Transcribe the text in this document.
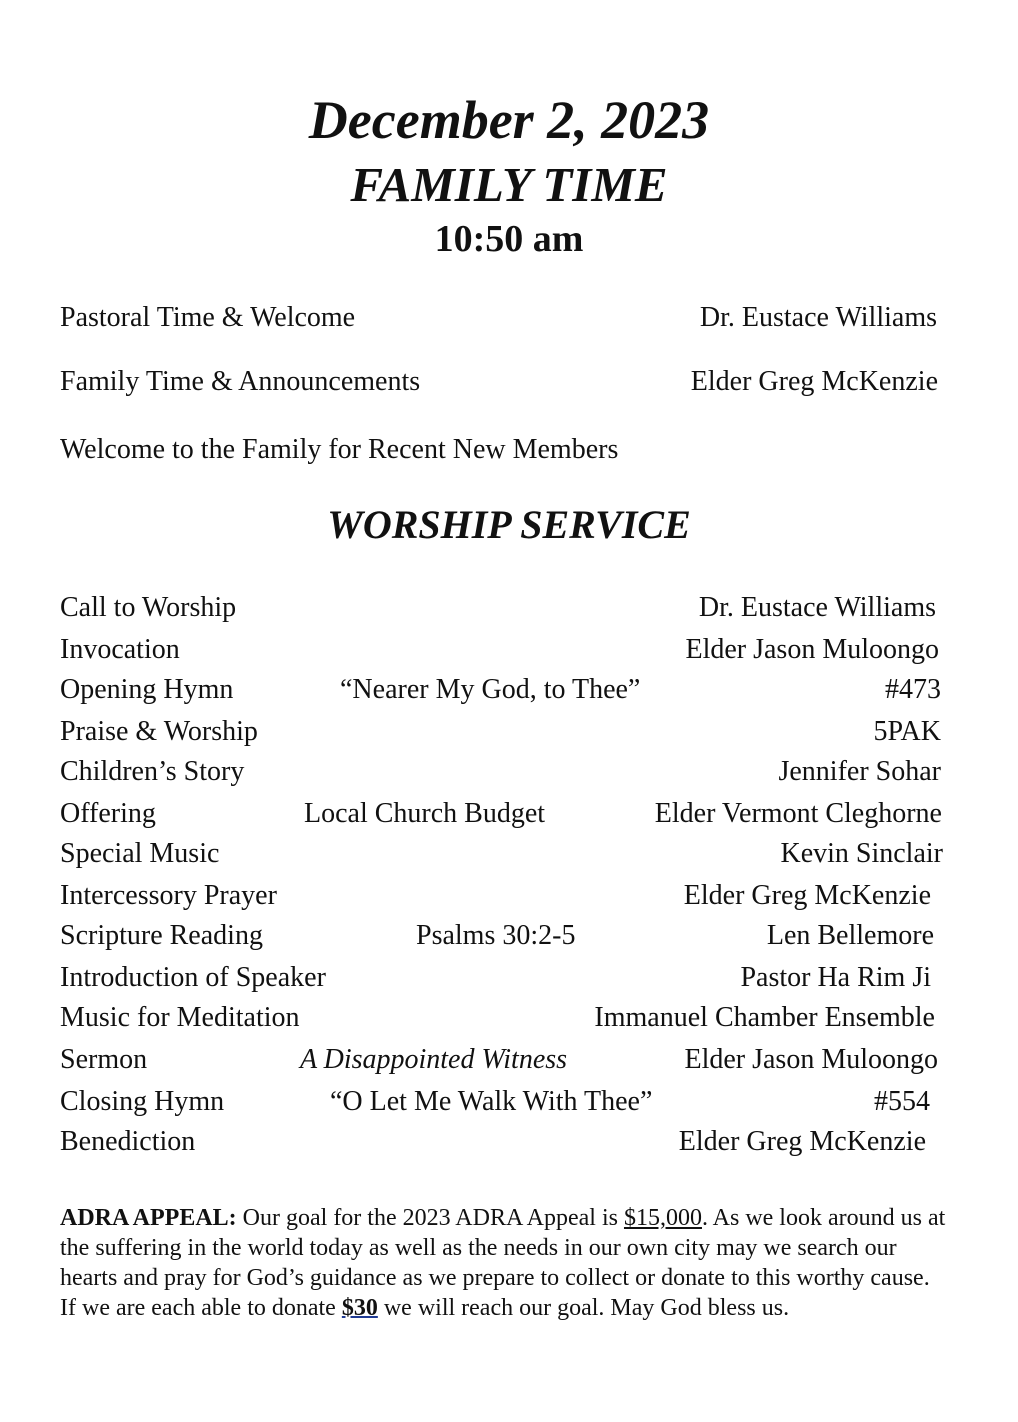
December 2, 2023
FAMILY TIME
10:50 am
Pastoral Time & Welcome	Dr. Eustace Williams
Family Time & Announcements	Elder Greg McKenzie
Welcome to the Family for Recent New Members
WORSHIP SERVICE
Call to Worship	Dr. Eustace Williams
Invocation	Elder Jason Muloongo
Opening Hymn	“Nearer My God, to Thee”	#473
Praise & Worship	5PAK
Children’s Story	Jennifer Sohar
Offering	Local Church Budget	Elder Vermont Cleghorne
Special Music	Kevin Sinclair
Intercessory Prayer	Elder Greg McKenzie
Scripture Reading	Psalms 30:2-5	Len Bellemore
Introduction of Speaker	Pastor Ha Rim Ji
Music for Meditation	Immanuel Chamber Ensemble
Sermon	A Disappointed Witness	Elder Jason Muloongo
Closing Hymn	“O Let Me Walk With Thee”	#554
Benediction	Elder Greg McKenzie
ADRA APPEAL: Our goal for the 2023 ADRA Appeal is $15,000. As we look around us at the suffering in the world today as well as the needs in our own city may we search our hearts and pray for God’s guidance as we prepare to collect or donate to this worthy cause. If we are each able to donate $30 we will reach our goal. May God bless us.
